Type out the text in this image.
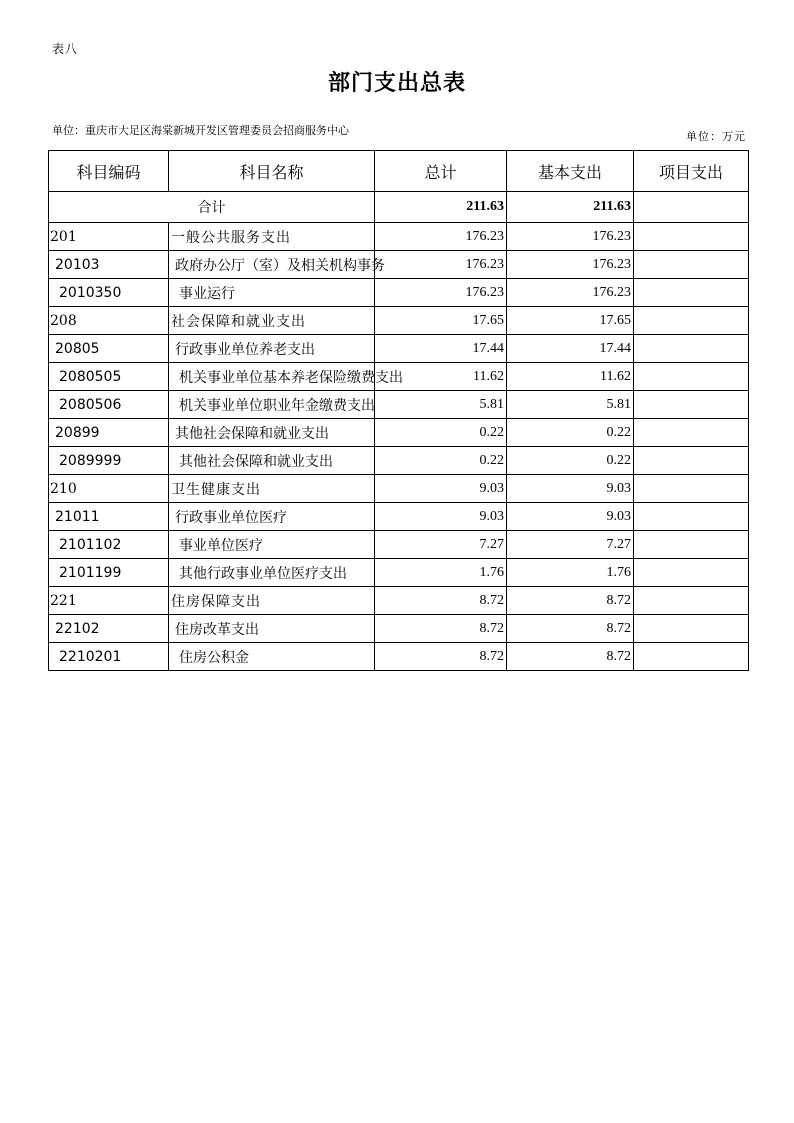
表八
部门支出总表
单位：重庆市大足区海棠新城开发区管理委员会招商服务中心	单位：万元
科目编码	科目名称	总计	基本支出	项目支出
合计		211.63	211.63	
201	一般公共服务支出	176.23	176.23	
20103	政府办公厅（室）及相关机构事务	176.23	176.23	
2010350	事业运行	176.23	176.23	
208	社会保障和就业支出	17.65	17.65	
20805	行政事业单位养老支出	17.44	17.44	
2080505	机关事业单位基本养老保险缴费支出	11.62	11.62	
2080506	机关事业单位职业年金缴费支出	5.81	5.81	
20899	其他社会保障和就业支出	0.22	0.22	
2089999	其他社会保障和就业支出	0.22	0.22	
210	卫生健康支出	9.03	9.03	
21011	行政事业单位医疗	9.03	9.03	
2101102	事业单位医疗	7.27	7.27	
2101199	其他行政事业单位医疗支出	1.76	1.76	
221	住房保障支出	8.72	8.72	
22102	住房改革支出	8.72	8.72	
2210201	住房公积金	8.72	8.72	
